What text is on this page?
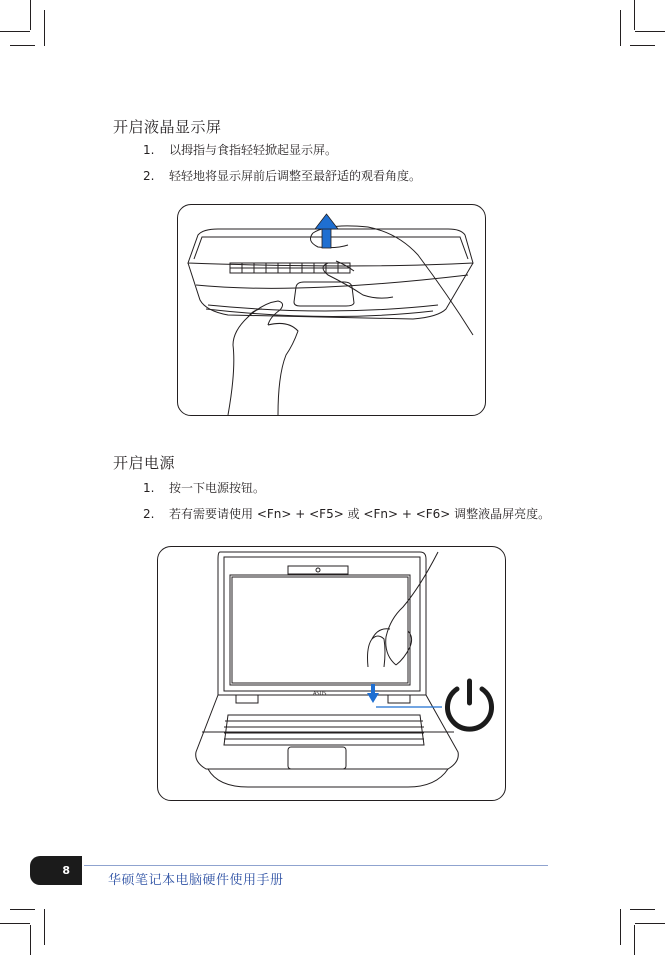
开启液晶显示屏
1. 以拇指与食指轻轻掀起显示屏。
2. 轻轻地将显示屏前后调整至最舒适的观看角度。
开启电源
1. 按一下电源按钮。
2. 若有需要请使用 <Fn> + <F5> 或 <Fn> + <F6> 调整液晶屏亮度。
ASUS
8
华硕笔记本电脑硬件使用手册
